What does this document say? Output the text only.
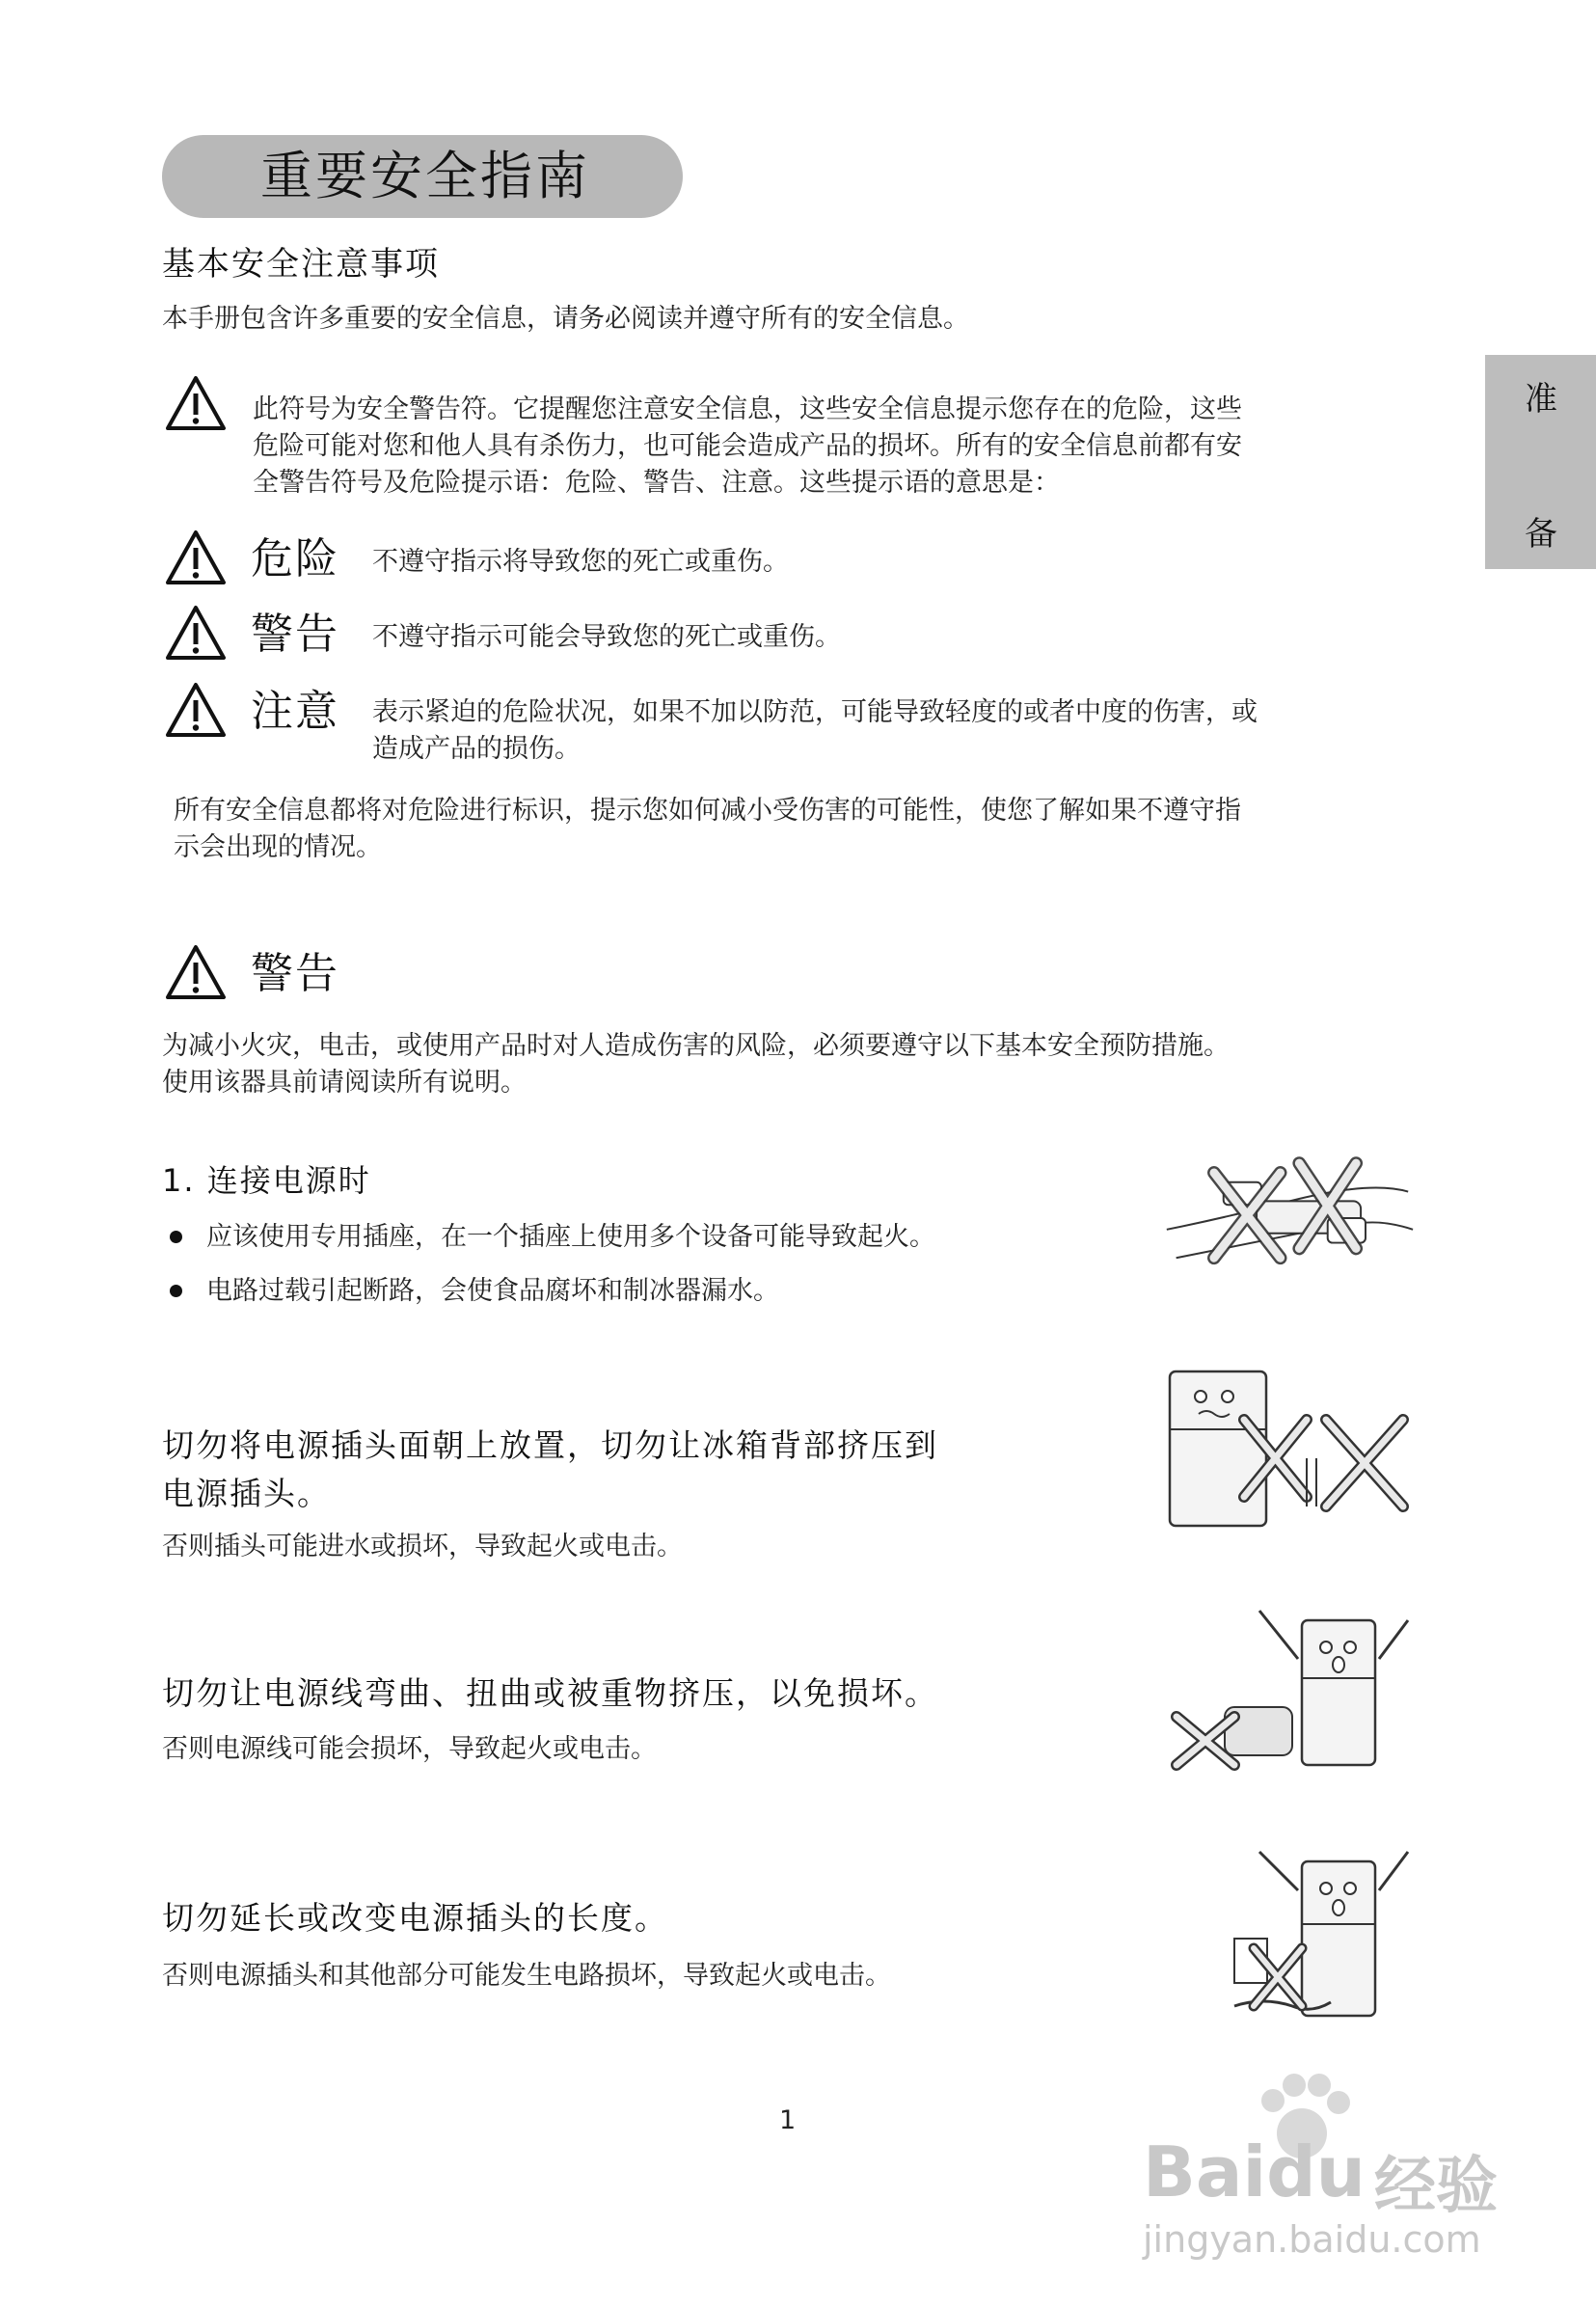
重要安全指南
准
备
基本安全注意事项
本手册包含许多重要的安全信息，请务必阅读并遵守所有的安全信息。
此符号为安全警告符。它提醒您注意安全信息，这些安全信息提示您存在的危险，这些
危险可能对您和他人具有杀伤力，也可能会造成产品的损坏。所有的安全信息前都有安
全警告符号及危险提示语：危险、警告、注意。这些提示语的意思是：
危险 不遵守指示将导致您的死亡或重伤。
警告 不遵守指示可能会导致您的死亡或重伤。
注意 表示紧迫的危险状况，如果不加以防范，可能导致轻度的或者中度的伤害，或
造成产品的损伤。
所有安全信息都将对危险进行标识，提示您如何减小受伤害的可能性，使您了解如果不遵守指
示会出现的情况。
警告
为减小火灾，电击，或使用产品时对人造成伤害的风险，必须要遵守以下基本安全预防措施。
使用该器具前请阅读所有说明。
1. 连接电源时
应该使用专用插座，在一个插座上使用多个设备可能导致起火。
电路过载引起断路，会使食品腐坏和制冰器漏水。
切勿将电源插头面朝上放置，切勿让冰箱背部挤压到
电源插头。
否则插头可能进水或损坏，导致起火或电击。
切勿让电源线弯曲、扭曲或被重物挤压，以免损坏。
否则电源线可能会损坏，导致起火或电击。
切勿延长或改变电源插头的长度。
否则电源插头和其他部分可能发生电路损坏，导致起火或电击。
1
Baidu 经验
jingyan.baidu.com
